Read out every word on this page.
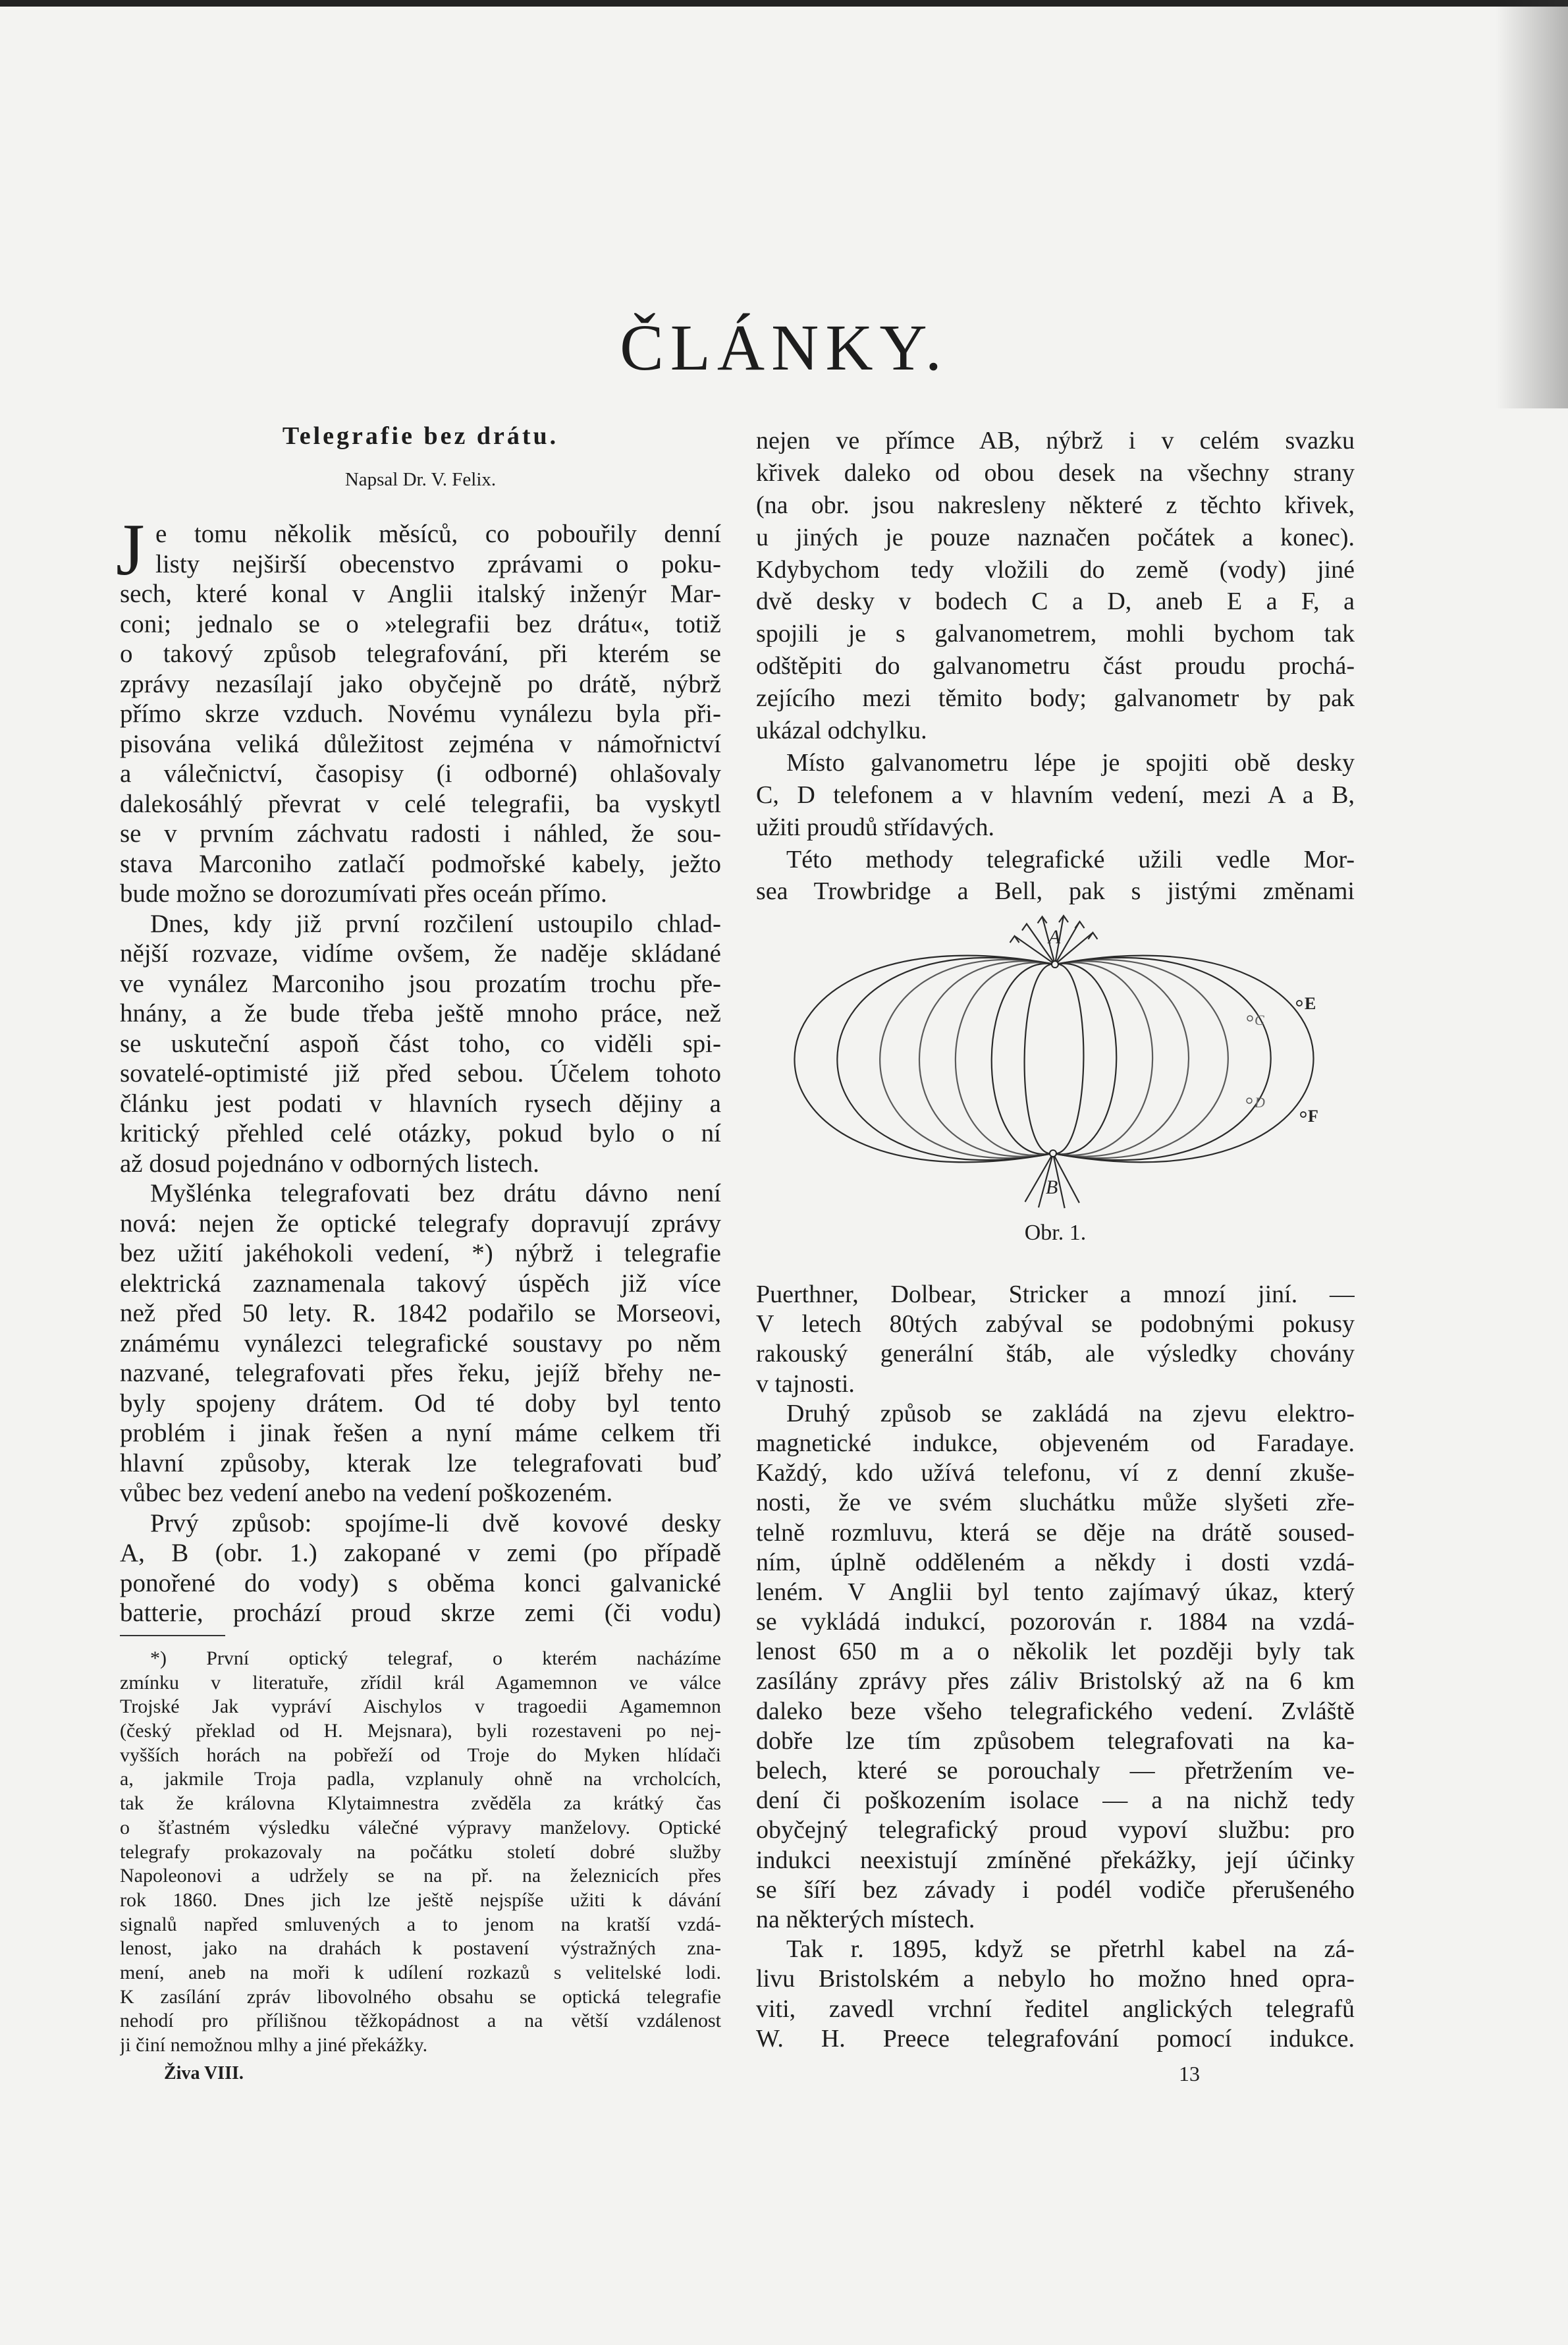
ČLÁNKY.
Telegrafie bez drátu.
Napsal Dr. V. Felix.
J e tomu několik měsíců, co pobouřily denní
listy nejširší obecenstvo zprávami o poku-
sech, které konal v Anglii italský inženýr Mar-
coni; jednalo se o »telegrafii bez drátu«, totiž
o takový způsob telegrafování, při kterém se
zprávy nezasílají jako obyčejně po drátě, nýbrž
přímo skrze vzduch. Novému vynálezu byla při-
pisována veliká důležitost zejména v námořnictví
a válečnictví, časopisy (i odborné) ohlašovaly
dalekosáhlý převrat v celé telegrafii, ba vyskytl
se v prvním záchvatu radosti i náhled, že sou-
stava Marconiho zatlačí podmořské kabely, ježto
bude možno se dorozumívati přes oceán přímo.
Dnes, kdy již první rozčilení ustoupilo chlad-
nější rozvaze, vidíme ovšem, že naděje skládané
ve vynález Marconiho jsou prozatím trochu pře-
hnány, a že bude třeba ještě mnoho práce, než
se uskuteční aspoň část toho, co viděli spi-
sovatelé-optimisté již před sebou. Účelem tohoto
článku jest podati v hlavních rysech dějiny a
kritický přehled celé otázky, pokud bylo o ní
až dosud pojednáno v odborných listech.
Myšlénka telegrafovati bez drátu dávno není
nová: nejen že optické telegrafy dopravují zprávy
bez užití jakéhokoli vedení, *) nýbrž i telegrafie
elektrická zaznamenala takový úspěch již více
než před 50 lety. R. 1842 podařilo se Morseovi,
známému vynálezci telegrafické soustavy po něm
nazvané, telegrafovati přes řeku, jejíž břehy ne-
byly spojeny drátem. Od té doby byl tento
problém i jinak řešen a nyní máme celkem tři
hlavní způsoby, kterak lze telegrafovati buď
vůbec bez vedení anebo na vedení poškozeném.
Prvý způsob: spojíme-li dvě kovové desky
A, B (obr. 1.) zakopané v zemi (po případě
ponořené do vody) s oběma konci galvanické
batterie, prochází proud skrze zemi (či vodu)
*) První optický telegraf, o kterém nacházíme
zmínku v literatuře, zřídil král Agamemnon ve válce
Trojské Jak vypráví Aischylos v tragoedii Agamemnon
(český překlad od H. Mejsnara), byli rozestaveni po nej-
vyšších horách na pobřeží od Troje do Myken hlídači
a, jakmile Troja padla, vzplanuly ohně na vrcholcích,
tak že královna Klytaimnestra zvěděla za krátký čas
o šťastném výsledku válečné výpravy manželovy. Optické
telegrafy prokazovaly na počátku století dobré služby
Napoleonovi a udržely se na př. na železnicích přes
rok 1860. Dnes jich lze ještě nejspíše užiti k dávání
signalů napřed smluvených a to jenom na kratší vzdá-
lenost, jako na drahách k postavení výstražných zna-
mení, aneb na moři k udílení rozkazů s velitelské lodi.
K zasílání zpráv libovolného obsahu se optická telegrafie
nehodí pro přílišnou těžkopádnost a na větší vzdálenost
ji činí nemožnou mlhy a jiné překážky.
nejen ve přímce AB, nýbrž i v celém svazku
křivek daleko od obou desek na všechny strany
(na obr. jsou nakresleny některé z těchto křivek,
u jiných je pouze naznačen počátek a konec).
Kdybychom tedy vložili do země (vody) jiné
dvě desky v bodech C a D, aneb E a F, a
spojili je s galvanometrem, mohli bychom tak
odštěpiti do galvanometru část proudu prochá-
zejícího mezi těmito body; galvanometr by pak
ukázal odchylku.
Místo galvanometru lépe je spojiti obě desky
C, D telefonem a v hlavním vedení, mezi A a B,
užiti proudů střídavých.
Této methody telegrafické užili vedle Mor-
sea Trowbridge a Bell, pak s jistými změnami
A
B
C
D
E
F
Obr. 1.
Puerthner, Dolbear, Stricker a mnozí jiní. —
V letech 80tých zabýval se podobnými pokusy
rakouský generální štáb, ale výsledky chovány
v tajnosti.
Druhý způsob se zakládá na zjevu elektro-
magnetické indukce, objeveném od Faradaye.
Každý, kdo užívá telefonu, ví z denní zkuše-
nosti, že ve svém sluchátku může slyšeti zře-
telně rozmluvu, která se děje na drátě soused-
ním, úplně odděleném a někdy i dosti vzdá-
leném. V Anglii byl tento zajímavý úkaz, který
se vykládá indukcí, pozorován r. 1884 na vzdá-
lenost 650 m a o několik let později byly tak
zasílány zprávy přes záliv Bristolský až na 6 km
daleko beze všeho telegrafického vedení. Zvláště
dobře lze tím způsobem telegrafovati na ka-
belech, které se porouchaly — přetržením ve-
dení či poškozením isolace — a na nichž tedy
obyčejný telegrafický proud vypoví službu: pro
indukci neexistují zmíněné překážky, její účinky
se šíří bez závady i podél vodiče přerušeného
na některých místech.
Tak r. 1895, když se přetrhl kabel na zá-
livu Bristolském a nebylo ho možno hned opra-
viti, zavedl vrchní ředitel anglických telegrafů
W. H. Preece telegrafování pomocí indukce.
Živa VIII.	13
